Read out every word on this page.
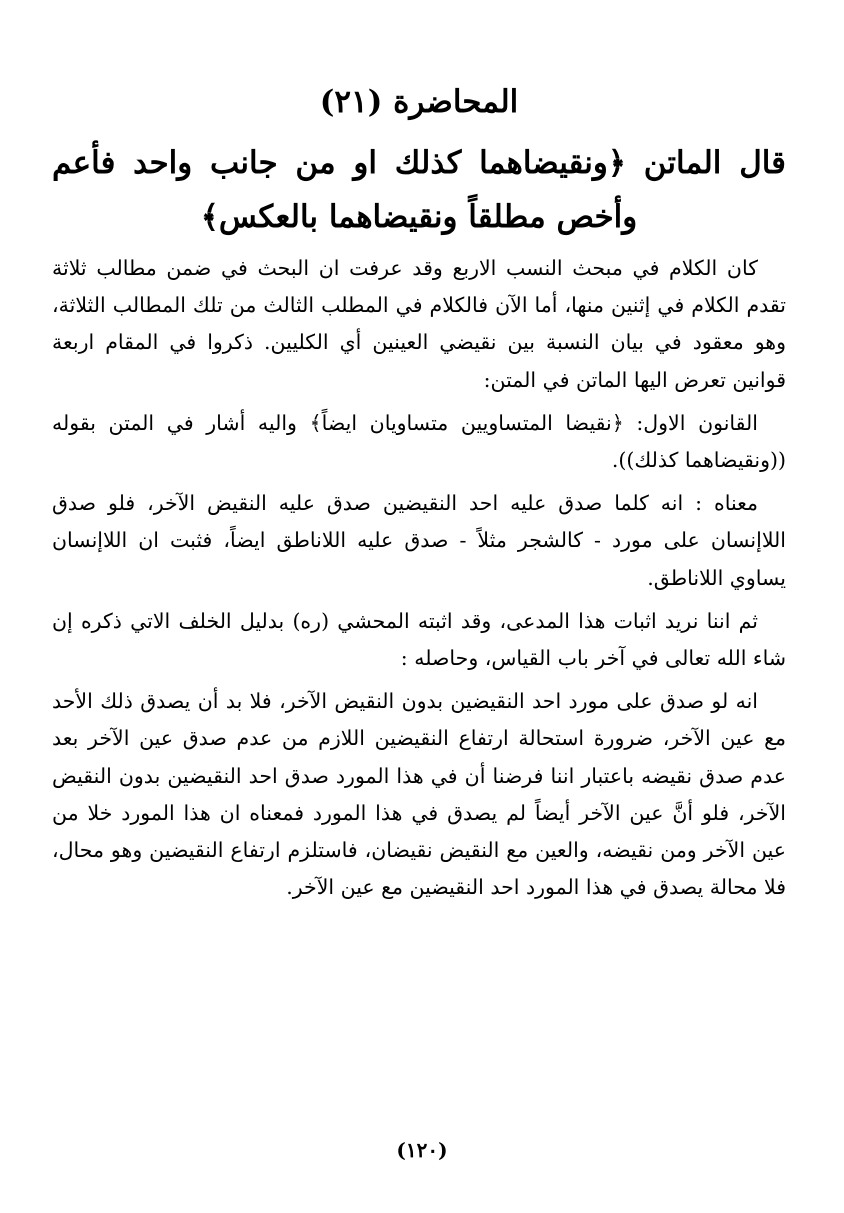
المحاضرة (٢١)
قال الماتن ﴿ونقيضاهما كذلك او من جانب واحد فأعم
وأخص مطلقاً ونقيضاهما بالعكس﴾

كان الكلام في مبحث النسب الاربع وقد عرفت ان البحث في ضمن مطالب ثلاثة تقدم الكلام في إثنين منها، أما الآن فالكلام في المطلب الثالث من تلك المطالب الثلاثة، وهو معقود في بيان النسبة بين نقيضي العينين أي الكليين. ذكروا في المقام اربعة قوانين تعرض اليها الماتن في المتن:

القانون الاول: ﴿نقيضا المتساويين متساويان ايضاً﴾ واليه أشار في المتن بقوله ((ونقيضاهما كذلك)).

معناه : انه كلما صدق عليه احد النقيضين صدق عليه النقيض الآخر، فلو صدق اللاإنسان على مورد - كالشجر مثلاً - صدق عليه اللاناطق ايضاً، فثبت ان اللاإنسان يساوي اللاناطق.

ثم اننا نريد اثبات هذا المدعى، وقد اثبته المحشي (ره) بدليل الخلف الاتي ذكره إن شاء الله تعالى في آخر باب القياس، وحاصله :

انه لو صدق على مورد احد النقيضين بدون النقيض الآخر، فلا بد أن يصدق ذلك الأحد مع عين الآخر، ضرورة استحالة ارتفاع النقيضين اللازم من عدم صدق عين الآخر بعد عدم صدق نقيضه باعتبار اننا فرضنا أن في هذا المورد صدق احد النقيضين بدون النقيض الآخر، فلو أنَّ عين الآخر أيضاً لم يصدق في هذا المورد فمعناه ان هذا المورد خلا من عين الآخر ومن نقيضه، والعين مع النقيض نقيضان، فاستلزم ارتفاع النقيضين وهو محال، فلا محالة يصدق في هذا المورد احد النقيضين مع عين الآخر.

(١٢٠)
